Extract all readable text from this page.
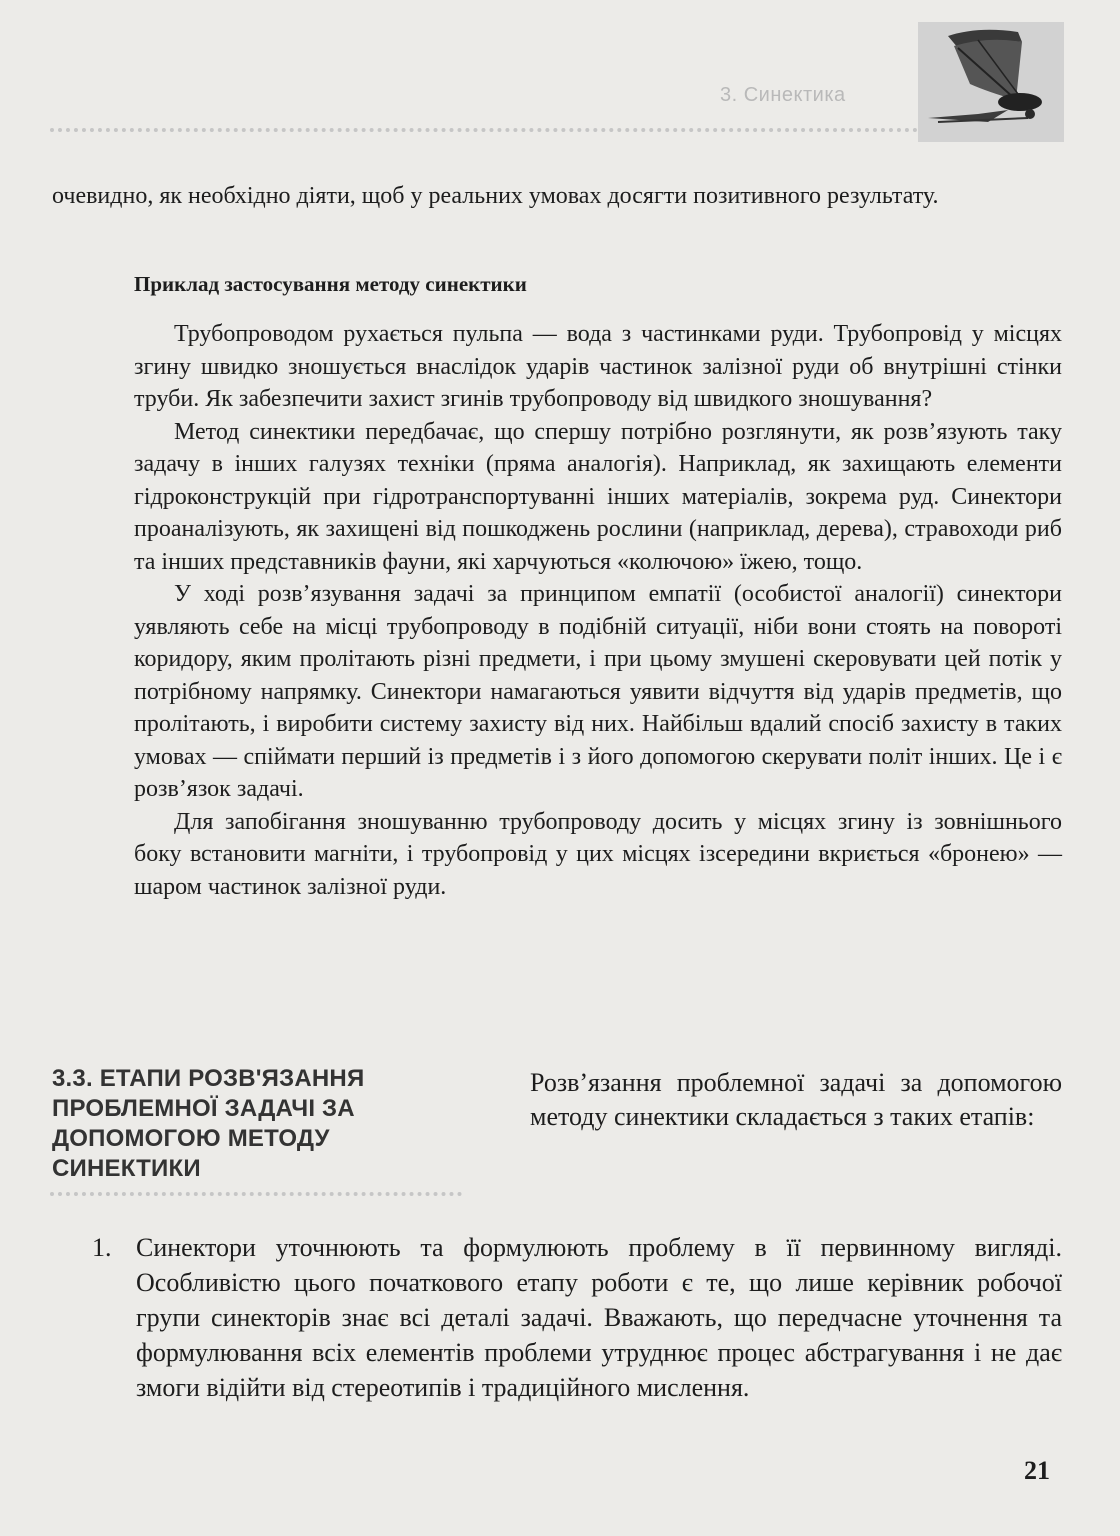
3. Синектика

очевидно, як необхідно діяти, щоб у реальних умовах досягти позитивного результату.

Приклад застосування методу синектики

Трубопроводом рухається пульпа — вода з частинками руди. Трубопровід у місцях згину швидко зношується внаслідок ударів частинок залізної руди об внутрішні стінки труби. Як забезпечити захист згинів трубопроводу від швидкого зношування?

Метод синектики передбачає, що спершу потрібно розглянути, як розв’язують таку задачу в інших галузях техніки (пряма аналогія). Наприклад, як захищають елементи гідроконструкцій при гідротранспортуванні інших матеріалів, зокрема руд. Синектори проаналізують, як захищені від пошкоджень рослини (наприклад, дерева), стравоходи риб та інших представників фауни, які харчуються «колючою» їжею, тощо.

У ході розв’язування задачі за принципом емпатії (особистої аналогії) синектори уявляють себе на місці трубопроводу в подібній ситуації, ніби вони стоять на повороті коридору, яким пролітають різні предмети, і при цьому змушені скеровувати цей потік у потрібному напрямку. Синектори намагаються уявити відчуття від ударів предметів, що пролітають, і виробити систему захисту від них. Найбільш вдалий спосіб захисту в таких умовах — спіймати перший із предметів і з його допомогою скерувати політ інших. Це і є розв’язок задачі.

Для запобігання зношуванню трубопроводу досить у місцях згину із зовнішнього боку встановити магніти, і трубопровід у цих місцях ізсередини вкриється «бронею» — шаром частинок залізної руди.

3.3. ЕТАПИ РОЗВ'ЯЗАННЯ ПРОБЛЕМНОЇ ЗАДАЧІ ЗА ДОПОМОГОЮ МЕТОДУ СИНЕКТИКИ

Розв’язання проблемної задачі за допомогою методу синектики складається з таких етапів:

1. Синектори уточнюють та формулюють проблему в її первинному вигляді. Особливістю цього початкового етапу роботи є те, що лише керівник робочої групи синекторів знає всі деталі задачі. Вважають, що передчасне уточнення та формулювання всіх елементів проблеми утруднює процес абстрагування і не дає змоги відійти від стереотипів і традиційного мислення.
21
